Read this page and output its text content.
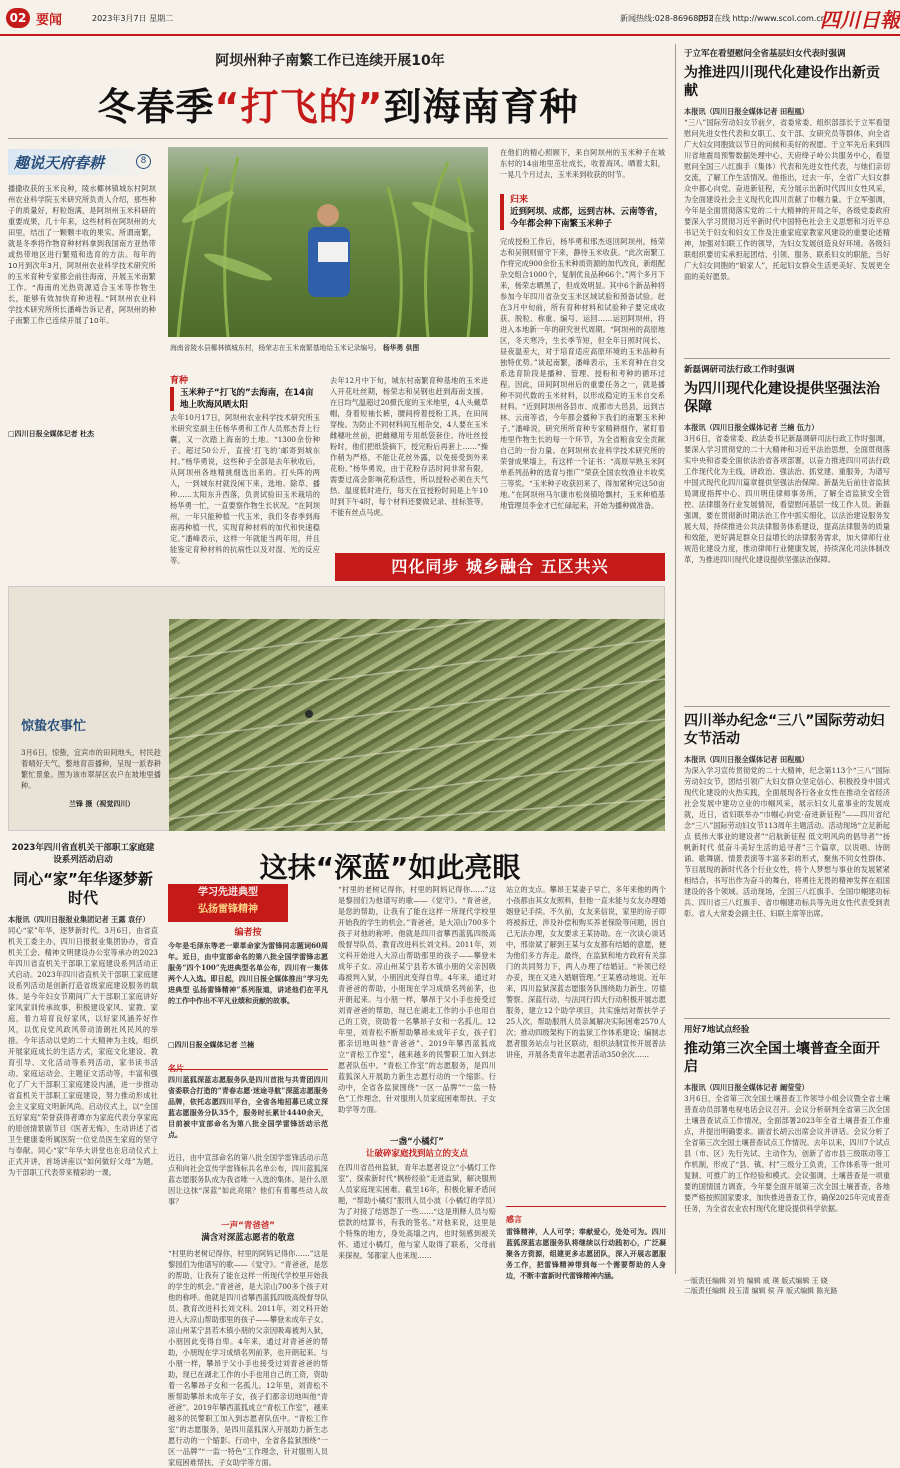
02 要闻	2023年3月7日 星期二	新闻热线:028-86968052
四川在线 http://www.scol.com.cn
四川日報
阿坝州种子南繁工作已连续开展10年
冬春季“打飞的”到海南育种
趣说天府春耕	8
播撒收获的玉米良种，陵水椰林镇城东村阿坝州农业科学院玉米研究所负责人介绍，那些种子的质量好，籽粒饱满，是阿坝州玉米科研的重要成果，几十年来，这些材料在阿坝州的大田里，结出了一颗颗丰收的果实。所谓南繁，就是冬季将作物育种材料拿到我国南方亚热带或热带地区进行繁殖和选育的方法。每年的10月到次年3月，阿坝州农业科学技术研究所的玉米育种专家都会前往海南，开展玉米南繁工作。“海南的光热资源适合玉米等作物生长，能够有效加快育种进程。”阿坝州农业科学技术研究所所长潘峰告诉记者，阿坝州的种子南繁工作已连续开展了10年。
□四川日报全媒体记者 杜杰
海南省陵水县椰林镇城东村，杨荣志在玉米南繁基地给玉米记录编号。 杨华勇 供图
育种
玉米种子“打飞的”去海南，在14亩地上吹海风晒太阳
去年10月17日，阿坝州农业科学技术研究所玉米研究室副主任杨华勇和工作人员邢杰背上行囊，又一次踏上海南的土地。“1300余份种子、超过50公斤，直接‘打飞的’邮寄到城东村。”杨华勇说，这些种子全部是去年秋收后，从阿坝州各地精挑细选出来的。打头阵的两人，一到城东村就没闲下来，选地、除草、播种……太阳东升西落，负责试验田玉米栽培的杨华勇一忙，一直要察作物生长状况。“在阿坝州，一年只能种植一代玉米，我们冬春季到海南再种植一代，实现育种材料的加代和快速稳定。”潘峰表示，这样一年就能当两年用，并且能鉴定育种材料的抗病性以及对湿、光的反应等。
去年12月中下旬，城东村南繁育种基地的玉米进入开花吐丝期，杨荣志和吴钢也赶到海南支援。在日均气温超过20摄氏度的玉米地里，4人头戴草帽，身着短袖长裤，腰间挎着授粉工具，在田间穿梭。为防止不同材料间互相杂交，4人要在玉米雌穗吐丝前，把雌穗用专用纸袋套住。待吐丝授粉时，他们把纸袋摘下，授完粉后再套上……“操作稍为严格，不能让花丝外露，以免接受到外来花粉。”杨华勇说，由于花粉存活时间非常有限，需要过高会影响花粉活性，所以授粉必须在天气热、温度低时进行，每天在宜授粉时间是上午10时到下午4时，每个材料还要做记录、挂标签等，不能有丝点马虎。
在他们的精心照顾下，来自阿坝州的玉米种子在城东村的14亩地里茁壮成长，收着海风、晒着太阳，一晃几个月过去，玉米来到收获的时节。
归来
近到阿坝、成都，远到吉林、云南等省，今年都会种下南繁玉米种子
完成授粉工作后，杨华勇和邢杰返回阿坝州，杨荣志和吴钢则留守下来，静待玉米收获。“此次南繁工作将完成900余份玉米种质资源的加代改良，新组配杂交组合1000个，复制优良品种66个。”两个多月下来，杨荣志晒黑了，但成效明显。其中6个新品种将参加今年四川省杂交玉米区域试验和预备试验。赶在3月中旬前，所有育种材料和试验种子要完成收获、脱粒、称重、编号、运回……运回阿坝州，将进入本地新一年的研究世代周期。“阿坝州的高原地区，冬天寒冷，生长季节短，但全年日照时间长、昼夜温差大，对于培育适应高原环境的玉米品种有独特优势。”谈起南繁，潘峰表示，玉米育种在自交系选育阶段是播种、管理、授粉和考种的循环过程。因此，田间阿坝州后的重要任务之一，就是播种不同代数的玉米材料，以形成稳定的玉米自交系材料。“近到阿坝州各县市、成都市大邑县，远到吉林、云南等省，今年都会播种下我们的南繁玉米种子。”潘峰说，研究所所育种专家精耕细作，紧盯着地里作物生长的每一个环节，为全省粮食安全贡献自己的一份力量。在阿坝州农业科学技术研究所的荣誉成果墙上，有这样一个证书：“高原早熟玉米阿单系列品种的选育与推广”荣获全国农牧渔业丰收奖三等奖。“玉米种子收获回来了，得加紧种完这50亩地。”在阿坝州马尔康市松岗镇哈飘村，玉米种植基地管理员李金才已忙碌起来，开始为播种做准备。
四化同步 城乡融合 五区共兴
惊蛰农事忙
3月6日，惊蛰，宜宾市的田间地头，村民趁着晴好天气，整地育苗播种，呈现一派春耕繁忙景象。图为该市翠屏区农户在坡地里播种。
兰锋 摄（视觉四川）
这抹“深蓝”如此亮眼
学习先进典型
弘扬雷锋精神
编者按
今年是毛泽东等老一辈革命家为雷锋同志题词60周年。近日，由中宣部命名的第八批全国学雷锋志愿服务“四个100”先进典型名单公布，四川有一集体两个人入选。即日起，四川日报全媒体推出“学习先进典型 弘扬雷锋精神”系列报道，讲述他们在平凡的工作中作出不平凡业绩和贡献的故事。
□四川日报全媒体记者 兰楠
名片
四川蓝狐深蓝志愿服务队是四川首批与共青团四川省委联合打造的“青春志愿·迷途寻航”深蓝志愿服务品牌，依托志愿四川平台，全省各地招募已成立深蓝志愿服务分队35个，服务时长累计4440余天，目前被中宣部命名为第八批全国学雷锋活动示范点。
近日，由中宣部命名的第八批全国学雷锋活动示范点和向社会宣传学雷锋标兵名单公布，四川蓝狐深蓝志愿服务队成为我省唯一入选的集体。是什么原因让这抹“深蓝”如此亮眼？他们有着哪些动人故事？
一声“青爸爸”
满含对深蓝志愿者的敬意
“村里的老树记得你，村里的阿妈记得你……”这是黎园们为他谱写的歌——《觉守》。“青爸爸，是您的帮助，让我有了能在这样一所现代学校里开始我的学生的机会。”青爸爸，是大凉山700多个孩子对他的称呼。他就是四川省攀西蓝狐四级高级督导队员、教育改进科长刘文科。2011年，刘文科开始进入大凉山帮助那里的孩子——攀登未成年子女。凉山州某宁县若木镇小朋的父亲因吸毒被判入狱，小朋因此变得自卑。4年来，通过对青爸爸的帮助，小朋现在学习成绩名列前茅，也开朗起来。与小朋一样，攀昂于父小手也接受过刘青爸爸的帮助，现已在湖北工作的小手也用自己的工资，资助着一名攀昂子女和一名孤儿。12年里，刘青松不断帮助攀昂未成年子女，孩子们都亲切地叫他“青爸爸”。2019年攀西蓝狐成立“青松工作室”，越来越多的民警职工加入到志愿者队伍中。“青松工作室”的志愿服务，是四川蓝狐深入开展助力新生志愿行动的一个缩影。行动中，全省各监狱围绕“一区一品牌”“一监一特色”工作理念，针对服刑人员家庭困难帮扶、子女助学等方面。
“村里的老树记得你，村里的阿妈记得你……”这是黎园们为他谱写的歌——《觉守》。“青爸爸，是您的帮助，让我有了能在这样一所现代学校里开始我的学生的机会。”青爸爸，是大凉山700多个孩子对他的称呼。他就是四川省攀西蓝狐四级高级督导队员、教育改进科长刘文科。2011年，刘文科开始进入大凉山帮助那里的孩子——攀登未成年子女。凉山州某宁县若木镇小朋的父亲因吸毒被判入狱，小朋因此变得自卑。4年来，通过对青爸爸的帮助，小朋现在学习成绩名列前茅，也开朗起来。与小朋一样，攀昂于父小手也接受过刘青爸爸的帮助，现已在湖北工作的小手也用自己的工资，资助着一名攀昂子女和一名孤儿。12年里，刘青松不断帮助攀昂未成年子女，孩子们都亲切地叫他“青爸爸”。2019年攀西蓝狐成立“青松工作室”，越来越多的民警职工加入到志愿者队伍中。“青松工作室”的志愿服务，是四川蓝狐深入开展助力新生志愿行动的一个缩影。行动中，全省各监狱围绕“一区一品牌”“一监一特色”工作理念，针对服刑人员家庭困难帮扶、子女助学等方面。
一盏“小橘灯”
让破碎家庭找到站立的支点
在四川省邑州监狱，青年志愿者设立“小橘灯工作室”，探索新时代“枫桥经验”走进监狱，解决服刑人员家庭现实困难。截至16年，积极化解矛盾问题，“帮助小橘灯”服刑人员小波（小橘灯的学员）为了对接了结恩怨了一些……“这是刑释人员与赔偿款的结算书，有我的签名。”对他来说，这里是个特殊的地方，身处高墙之内，也时刻感到被关怀。通过小橘灯，他与家人取得了联系，父母前来探视。邹都家人也来现……
站立的支点。攀昂王某妻子早亡，多年来他的两个小孩都由其女友照料，但他一直未能与女友办理婚姻登记手续。不久前，女友来信说，家里的房子即将被拆迁，涉及补偿和购买养老保险等问题，因自己无法办理，女友要求王某协助。在一次谈心谈话中，邢崇斌了解到王某与女友都有结婚的意愿，便为他们多方奔走。最终，在监狱和地方政府有关部门的共同努力下，两人办理了结婚证。“补领已经办妥，现在又进入婚姻管理。”王某感动地说。近年来，四川监狱深蓝志愿服务队围绕助力新生、厉德警察、深蓝行动、与法同行四大行动积极开展志愿服务，建立12个助学项目，共实施结对帮扶学子25人次，帮助服刑人员亲属解决实际困难2570人次；推动四级架构下的监狱工作体系建设；编制志愿者服务站点与社区联动，组织法制宣传开展普法讲座，开展各类青年志愿者活动350余次……
感言
雷锋精神，人人可学；奉献爱心，处处可为。四川蓝狐深蓝志愿服务队将继续以行动践初心，广泛凝聚各方资源，组建更多志愿团队，深入开展志愿服务工作，把雷锋精神带到每一个需要帮助的人身边，不断丰富新时代雷锋精神内涵。
2023年四川省直机关干部职工家庭建设系列活动启动
同心“家”年华逐梦新时代
本报讯（四川日报报业集团记者 王露 袁仔）
同心“家”年华，逐梦新时代。3月6日，由省直机关工委主办，四川日报报业集团协办，省直机关工会、精神文明建设办公室等承办的2023年四川省直机关干部职工家庭建设系列活动正式启动。2023年四川省直机关干部职工家庭建设系列活动是创新打造省级家庭建设服务的载体。是今年妇女节期间广大干部职工家庭讲好家风家训传承故事，积极建设家风、家教、家庭，着力培育良好家风，以好家风涵养好作风，以优良党风政风带动清朗社风民风的举措。今年活动以党的二十大精神为主线，组织开展家庭成长的生活方式，家庭文化建设、教育引导、文化活动等系列活动，家书读书活动、家庭运动会、主题征文活动等，丰富和强化了广大干部职工家庭建设内涵，进一步推动省直机关干部职工家庭建设，努力推动形成社会主义家庭文明新风尚。启动仪式上，以“全国五好家庭”荣誉获得者谭亦为家庭代表分享家庭的原创情景剧节目《医者无悔》，生动讲述了省卫生健康委所属医院一位党员医生家庭的坚守与奉献。同心“家”年华大讲堂也在启动仪式上正式开讲，首场讲座以“如何做好父母”为题，为干部职工代表带来精彩的一课。
于立军在看望慰问全省基层妇女代表时强调
为推进四川现代化建设作出新贡献
本报讯（四川日报全媒体记者 田程凰）
“三八”国际劳动妇女节前夕，省委常委、组织部部长于立军看望慰问先进女性代表和女职工、女干部、女研究员等群体，向全省广大妇女同胞致以节日的问候和美好的祝愿。于立军先后来到四川省地震局预警数据处理中心、天府绛子岭公共服务中心，看望慰问全国三八红旗手（集体）代表和先进女性代表，与她们亲切交流，了解工作生活情况。他指出，过去一年，全省广大妇女群众中都心向党、奋进新征程，充分展示出新时代四川女性风采，为全面建设社会主义现代化四川贡献了巾帼力量。于立军强调，今年是全面贯彻落实党的二十大精神的开局之年，各级党委政府要深入学习贯彻习近平新时代中国特色社会主义思想和习近平总书记关于妇女和妇女工作及注重家庭家教家风建设的重要论述精神，加强对妇联工作的领导，为妇女发展创造良好环境。各级妇联组织要切实承担起团结、引领、服务、联系妇女的职能，当好广大妇女同胞的“娘家人”，托起妇女群众生活更美好、发展更全面的美好愿景。
新磊调研司法行政工作时强调
为四川现代化建设提供坚强法治保障
本报讯（四川日报全媒体记者 兰楠 伍力）
3月6日，省委常委、政法委书记新磊调研司法行政工作时强调，要深入学习贯彻党的二十大精神和习近平法治思想，全面贯彻落实中央和省委全面依法治省各项部署，以奋力推进四川司法行政工作现代化为主线，讲政治、强法治、抓党建、重服务，为谱写中国式现代化四川篇章提供坚强法治保障。新磊先后前往省监狱局调度指挥中心、四川明佳律师事务所，了解全省监狱安全管控、法律服务行业发展情况，看望慰问基层一线工作人员。新磊强调，要在贯彻新时期法治工作中抓实细化，以法治建设服务发展大局，持续推进公共法律服务体系建设，提高法律服务的质量和效能，更好满足群众日益增长的法律服务需求，加大律师行业规范化建设力度，推动律师行业健康发展，持续深化司法体制改革，为推进四川现代化建设提供坚强法治保障。
四川举办纪念“三八”国际劳动妇女节活动
本报讯（四川日报全媒体记者 田程凰）
为深入学习宣传贯彻党的二十大精神，纪念第113个“三八”国际劳动妇女节，团结引领广大妇女群众坚定信心、积极投身中国式现代化建设的火热实践，全面展现各行各业女性在推动全省经济社会发展中建功立业的巾帼风采，展示妇女儿童事业的发展成就，近日，省妇联举办“巾帼心向党·奋进新征程”——四川省纪念“三八”国际劳动妇女节113周年主题活动。活动现场“立足新起点 低伟大事业的建设者”“启航新征程 低文明风尚的倡导者”“扬帆新时代 低奋斗美好生活的追寻者”三个篇章，以说唱、诗朗诵、歌舞剧、情景表演等丰富多彩的形式，聚焦不同女性群体。节目展现的新时代各个行业女性，将个人梦想与事业的发展紧紧相结合，书写出作为奋斗的舞台，将勇往无畏的精神发挥在祖国建设的各个领域。活动现场，全国三八红旗手、全国巾帼建功标兵、四川省三八红旗手、省巾帼建功标兵等先进女性代表受到表彰。省人大常委会副主任、妇联主席等出席。
用好7地试点经验
推动第三次全国土壤普查全面开启
本报讯（四川日报全媒体记者 阚莹莹）
3月6日，全省第三次全国土壤普查工作领导小组会议暨全省土壤普查动员部署电视电话会议召开。会议分析研判全省第三次全国土壤普查试点工作情况，全面部署2023年全省土壤普查工作重点，并提出明确要求。副省长胡云出席会议并讲话。会议分析了全省第三次全国土壤普查试点工作情况。去年以来，四川7个试点县（市、区）先行先试、主动作为，创新了省市县三级联动等工作机制，形成了“县、镇、村”三级分工负责，工作体系等一批可复制、可推广的工作经验和模式。会议强调，土壤普查是一项重要的国情国力调查，今年要全面开展第三次全国土壤普查，各地要严格按照国家要求，加快推进普查工作，确保2025年完成普查任务，为全省农业农村现代化建设提供科学依据。
一版责任编辑 刘 钧 编辑 戚 瑛 版式编辑 王 晓
二版责任编辑 段玉清 编辑 侯 萍 版式编辑 陈光路
